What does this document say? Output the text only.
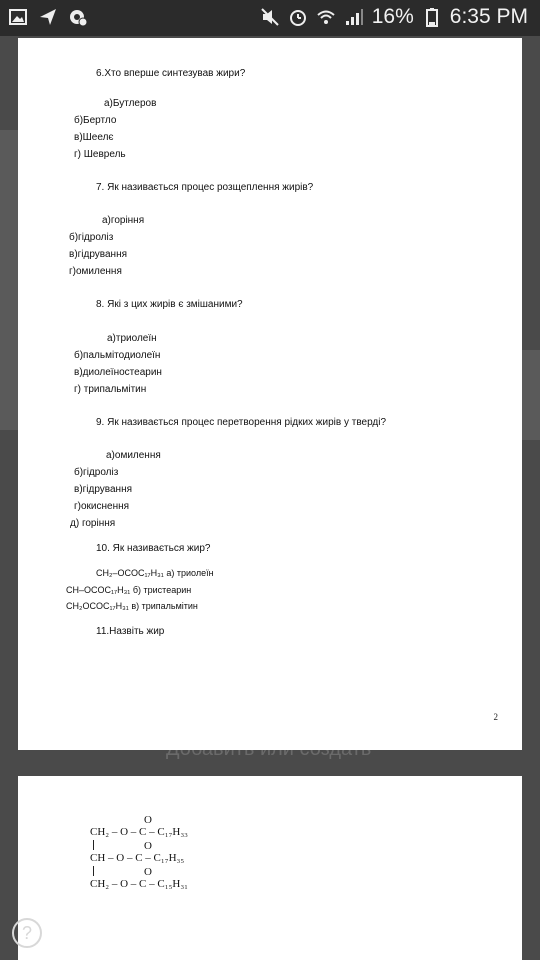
16% 6:35 PM
6.Хто вперше синтезував жири?
а)Бутлеров
б)Бертло
в)Шеелє
г) Шеврель
7. Як називається процес розщеплення жирів?
а)горіння
б)гідроліз
в)гідрування
г)омилення
8. Які з цих жирів є змішаними?
а)триолеїн
б)пальмітодиолеїн
в)диолеїностеарин
г) трипальмітин
9. Як називається процес перетворення рідких жирів у тверді?
а)омилення
б)гідроліз
в)гідрування
г)окиснення
д) горіння
10. Як називається жир?
CH₂–OCOC₁₇H₃₁ а) триолеїн
CH–OCOC₁₇H₃₁ б) тристеарин
CH₂OCOC₁₇H₃₁ в) трипальмітин
11.Назвіть жир
2
O
CH₂ – O – C – C₁₇H₃₃
O
CH – O – C – C₁₇H₃₅
O
CH₂ – O – C – C₁₅H₃₁
?
